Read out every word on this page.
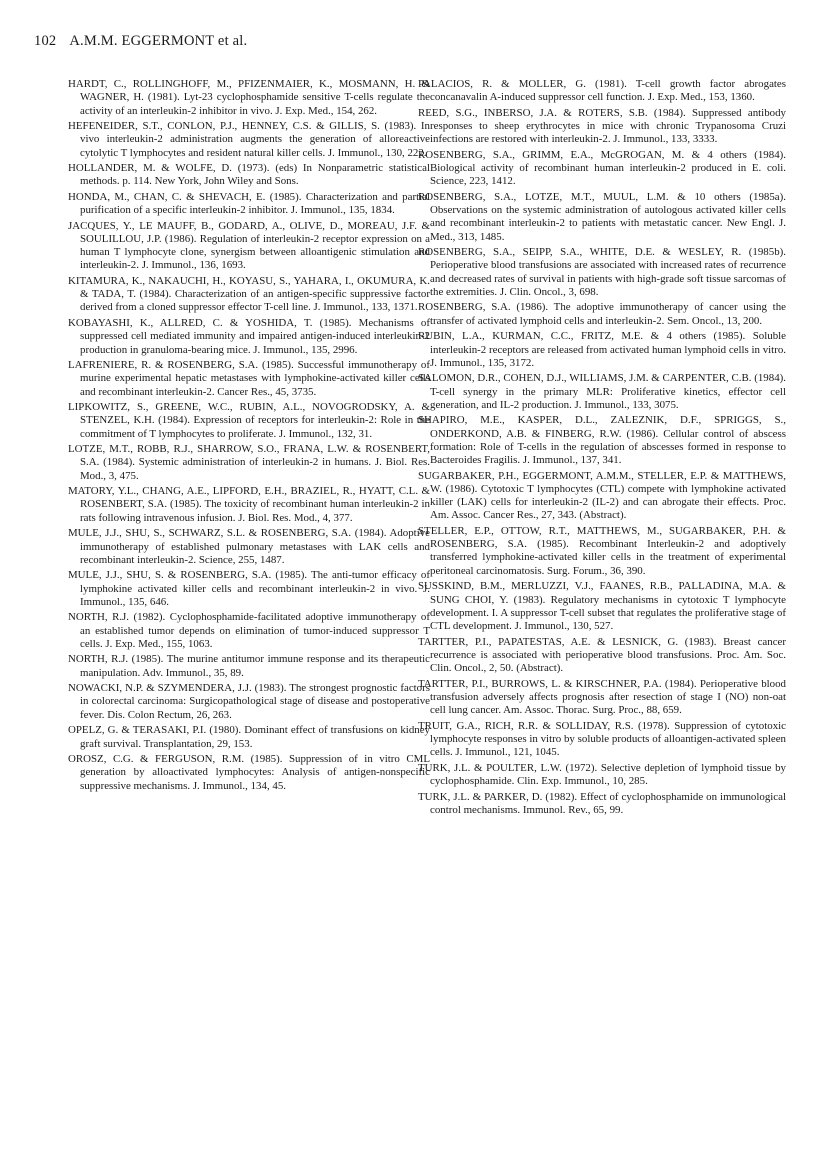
102 A.M.M. EGGERMONT et al.

HARDT, C., ROLLINGHOFF, M., PFIZENMAIER, K., MOSMANN, H. & WAGNER, H. (1981). Lyt-23 cyclophosphamide sensitive T-cells regulate the activity of an interleukin-2 inhibitor in vivo. J. Exp. Med., 154, 262.

HEFENEIDER, S.T., CONLON, P.J., HENNEY, C.S. & GILLIS, S. (1983). In vivo interleukin-2 administration augments the generation of alloreactive cytolytic T lymphocytes and resident natural killer cells. J. Immunol., 130, 222.

HOLLANDER, M. & WOLFE, D. (1973). (eds) In Nonparametric statistical methods. p. 114. New York, John Wiley and Sons.

HONDA, M., CHAN, C. & SHEVACH, E. (1985). Characterization and partial purification of a specific interleukin-2 inhibitor. J. Immunol., 135, 1834.

JACQUES, Y., LE MAUFF, B., GODARD, A., OLIVE, D., MOREAU, J.F. & SOULILLOU, J.P. (1986). Regulation of interleukin-2 receptor expression on a human T lymphocyte clone, synergism between alloantigenic stimulation and interleukin-2. J. Immunol., 136, 1693.

KITAMURA, K., NAKAUCHI, H., KOYASU, S., YAHARA, I., OKUMURA, K. & TADA, T. (1984). Characterization of an antigen-specific suppressive factor derived from a cloned suppressor effector T-cell line. J. Immunol., 133, 1371.

KOBAYASHI, K., ALLRED, C. & YOSHIDA, T. (1985). Mechanisms of suppressed cell mediated immunity and impaired antigen-induced interleukin-2 production in granuloma-bearing mice. J. Immunol., 135, 2996.

LAFRENIERE, R. & ROSENBERG, S.A. (1985). Successful immunotherapy of murine experimental hepatic metastases with lymphokine-activated killer cells and recombinant interleukin-2. Cancer Res., 45, 3735.

LIPKOWITZ, S., GREENE, W.C., RUBIN, A.L., NOVOGRODSKY, A. & STENZEL, K.H. (1984). Expression of receptors for interleukin-2: Role in the commitment of T lymphocytes to proliferate. J. Immunol., 132, 31.

LOTZE, M.T., ROBB, R.J., SHARROW, S.O., FRANA, L.W. & ROSENBERT, S.A. (1984). Systemic administration of interleukin-2 in humans. J. Biol. Res. Mod., 3, 475.

MATORY, Y.L., CHANG, A.E., LIPFORD, E.H., BRAZIEL, R., HYATT, C.L. & ROSENBERT, S.A. (1985). The toxicity of recombinant human interleukin-2 in rats following intravenous infusion. J. Biol. Res. Mod., 4, 377.

MULE, J.J., SHU, S., SCHWARZ, S.L. & ROSENBERG, S.A. (1984). Adoptive immunotherapy of established pulmonary metastases with LAK cells and recombinant interleukin-2. Science, 255, 1487.

MULE, J.J., SHU, S. & ROSENBERG, S.A. (1985). The anti-tumor efficacy of lymphokine activated killer cells and recombinant interleukin-2 in vivo. J. Immunol., 135, 646.

NORTH, R.J. (1982). Cyclophosphamide-facilitated adoptive immunotherapy of an established tumor depends on elimination of tumor-induced suppressor T cells. J. Exp. Med., 155, 1063.

NORTH, R.J. (1985). The murine antitumor immune response and its therapeutic manipulation. Adv. Immunol., 35, 89.

NOWACKI, N.P. & SZYMENDERA, J.J. (1983). The strongest prognostic factors in colorectal carcinoma: Surgicopathological stage of disease and postoperative fever. Dis. Colon Rectum, 26, 263.

OPELZ, G. & TERASAKI, P.I. (1980). Dominant effect of transfusions on kidney graft survival. Transplantation, 29, 153.

OROSZ, C.G. & FERGUSON, R.M. (1985). Suppression of in vitro CML generation by alloactivated lymphocytes: Analysis of antigen-nonspecific suppressive mechanisms. J. Immunol., 134, 45.

PALACIOS, R. & MOLLER, G. (1981). T-cell growth factor abrogates concanavalin A-induced suppressor cell function. J. Exp. Med., 153, 1360.

REED, S.G., INBERSO, J.A. & ROTERS, S.B. (1984). Suppressed antibody responses to sheep erythrocytes in mice with chronic Trypanosoma Cruzi infections are restored with interleukin-2. J. Immunol., 133, 3333.

ROSENBERG, S.A., GRIMM, E.A., McGROGAN, M. & 4 others (1984). Biological activity of recombinant human interleukin-2 produced in E. coli. Science, 223, 1412.

ROSENBERG, S.A., LOTZE, M.T., MUUL, L.M. & 10 others (1985a). Observations on the systemic administration of autologous activated killer cells and recombinant interleukin-2 to patients with metastatic cancer. New Engl. J. Med., 313, 1485.

ROSENBERG, S.A., SEIPP, S.A., WHITE, D.E. & WESLEY, R. (1985b). Perioperative blood transfusions are associated with increased rates of recurrence and decreased rates of survival in patients with high-grade soft tissue sarcomas of the extremities. J. Clin. Oncol., 3, 698.

ROSENBERG, S.A. (1986). The adoptive immunotherapy of cancer using the transfer of activated lymphoid cells and interleukin-2. Sem. Oncol., 13, 200.

RUBIN, L.A., KURMAN, C.C., FRITZ, M.E. & 4 others (1985). Soluble interleukin-2 receptors are released from activated human lymphoid cells in vitro. J. Immunol., 135, 3172.

SALOMON, D.R., COHEN, D.J., WILLIAMS, J.M. & CARPENTER, C.B. (1984). T-cell synergy in the primary MLR: Proliferative kinetics, effector cell generation, and IL-2 production. J. Immunol., 133, 3075.

SHAPIRO, M.E., KASPER, D.L., ZALEZNIK, D.F., SPRIGGS, S., ONDERKOND, A.B. & FINBERG, R.W. (1986). Cellular control of abscess formation: Role of T-cells in the regulation of abscesses formed in response to Bacteroides Fragilis. J. Immunol., 137, 341.

SUGARBAKER, P.H., EGGERMONT, A.M.M., STELLER, E.P. & MATTHEWS, W. (1986). Cytotoxic T lymphocytes (CTL) compete with lymphokine activated killer (LAK) cells for interleukin-2 (IL-2) and can abrogate their effects. Proc. Am. Assoc. Cancer Res., 27, 343. (Abstract).

STELLER, E.P., OTTOW, R.T., MATTHEWS, M., SUGARBAKER, P.H. & ROSENBERG, S.A. (1985). Recombinant Interleukin-2 and adoptively transferred lymphokine-activated killer cells in the treatment of experimental peritoneal carcinomatosis. Surg. Forum., 36, 390.

SUSSKIND, B.M., MERLUZZI, V.J., FAANES, R.B., PALLADINA, M.A. & SUNG CHOI, Y. (1983). Regulatory mechanisms in cytotoxic T lymphocyte development. I. A suppressor T-cell subset that regulates the proliferative stage of CTL development. J. Immunol., 130, 527.

TARTTER, P.I., PAPATESTAS, A.E. & LESNICK, G. (1983). Breast cancer recurrence is associated with perioperative blood transfusions. Proc. Am. Soc. Clin. Oncol., 2, 50. (Abstract).

TARTTER, P.I., BURROWS, L. & KIRSCHNER, P.A. (1984). Perioperative blood transfusion adversely affects prognosis after resection of stage I (NO) non-oat cell lung cancer. Am. Assoc. Thorac. Surg. Proc., 88, 659.

TRUIT, G.A., RICH, R.R. & SOLLIDAY, R.S. (1978). Suppression of cytotoxic lymphocyte responses in vitro by soluble products of alloantigen-activated spleen cells. J. Immunol., 121, 1045.

TURK, J.L. & POULTER, L.W. (1972). Selective depletion of lymphoid tissue by cyclophosphamide. Clin. Exp. Immunol., 10, 285.

TURK, J.L. & PARKER, D. (1982). Effect of cyclophosphamide on immunological control mechanisms. Immunol. Rev., 65, 99.
